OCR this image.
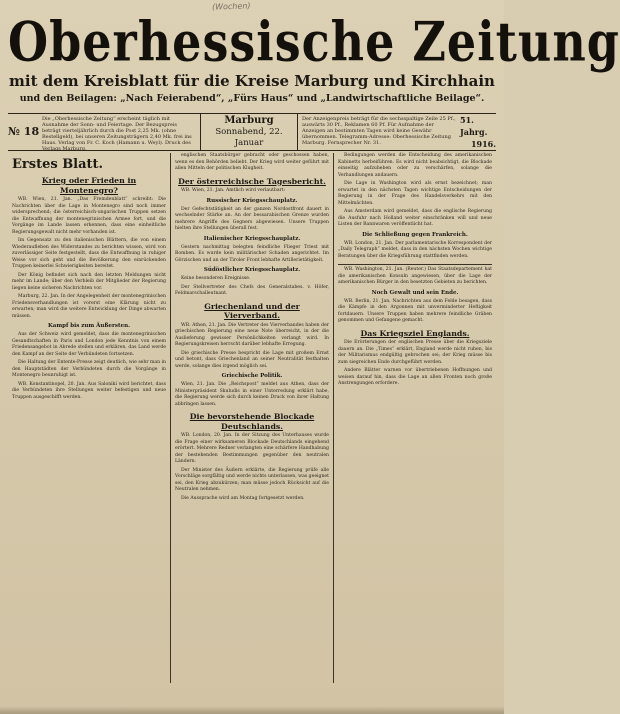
(Wochen)
Oberhessische Zeitung
mit dem Kreisblatt für die Kreise Marburg und Kirchhain
und den Beilagen: „Nach Feierabend“, „Fürs Haus“ und „Landwirtschaftliche Beilage“.
№ 18
Die „Oberhessische Zeitung“ erscheint täglich mit Ausnahme der Sonn- und Feiertage. Der Bezugspreis beträgt vierteljährlich durch die Post 2,25 Mk. (ohne Bestellgeld), bei unseren Zeitungsträgern 2,40 Mk. frei ins Haus. Verlag von Fr. C. Koch (Hamann u. Weyl). Druck des Verlags Marburg.
Marburg
Sonnabend, 22. Januar
Der Anzeigenpreis beträgt für die sechsspaltige Zeile 25 Pf., auswärts 30 Pf., Reklamen 60 Pf. Für Aufnahme der Anzeigen an bestimmten Tagen wird keine Gewähr übernommen. Telegramm-Adresse: Oberhessische Zeitung Marburg. Fernsprecher Nr. 31.
51. Jahrg.
1916.
Erstes Blatt.
Krieg oder Frieden in Montenegro?

WB. Wien, 21. Jan. „Das Fremdenblatt“ schreibt: Die Nachrichten über die Lage in Montenegro sind noch immer widersprechend; die österreichisch-ungarischen Truppen setzen die Entwaffnung der montenegrinischen Armee fort, und die Vorgänge im Lande lassen erkennen, dass eine einheitliche Regierungsgewalt nicht mehr vorhanden ist.

Im Gegensatz zu den italienischen Blättern, die von einem Wiederaufleben des Widerstandes zu berichten wissen, wird von zuverlässiger Seite festgestellt, dass die Entwaffnung in ruhiger Weise vor sich geht und die Bevölkerung den einrückenden Truppen keinerlei Schwierigkeiten bereitet.

Der König befindet sich nach den letzten Meldungen nicht mehr im Lande; über den Verbleib der Mitglieder der Regierung liegen keine sicheren Nachrichten vor.

Marburg, 22. Jan. In der Angelegenheit der montenegrinischen Friedensverhandlungen ist vorerst eine Klärung nicht zu erwarten; man wird die weitere Entwicklung der Dinge abwarten müssen.

Kampf bis zum Äußersten.

Aus der Schweiz wird gemeldet, dass die montenegrinischen Gesandtschaften in Paris und London jede Kenntnis von einem Friedensangebot in Abrede stellen und erklären, das Land werde den Kampf an der Seite der Verbündeten fortsetzen.

Die Haltung der Entente-Presse zeigt deutlich, wie sehr man in den Hauptstädten der Verbündeten durch die Vorgänge in Montenegro beunruhigt ist.

WB. Konstantinopel, 20. Jan. Aus Saloniki wird berichtet, dass die Verbündeten ihre Stellungen weiter befestigen und neue Truppen ausgeschifft werden.

englischen Staatsbürger gebracht oder geschossen haben, wenn es den Behörden beliebt. Der Krieg wird weiter geführt mit allen Mitteln der politischen Klugheit.

Der österreichische Tagesbericht.

WB. Wien, 21. Jan. Amtlich wird verlautbart:

Russischer Kriegsschauplatz.

Der Gefechtstätigkeit an der ganzen Nordostfront dauert in wechselnder Stärke an. An der bessarabischen Grenze wurden mehrere Angriffe des Gegners abgewiesen. Unsere Truppen hielten ihre Stellungen überall fest.

Italienischer Kriegsschauplatz.

Gestern nachmittag belegten feindliche Flieger Triest mit Bomben. Es wurde kein militärischer Schaden angerichtet. Im Görzischen und an der Tiroler Front lebhafte Artillerietätigkeit.

Südöstlicher Kriegsschauplatz.

Keine besonderen Ereignisse.

Der Stellvertreter des Chefs des Generalstabes. v. Höfer, Feldmarschalleutnant.

Griechenland und der Vierverband.

WB. Athen, 21. Jan. Die Vertreter des Vierverbandes haben der griechischen Regierung eine neue Note überreicht, in der die Auslieferung gewisser Persönlichkeiten verlangt wird. In Regierungskreisen herrscht darüber lebhafte Erregung.

Die griechische Presse bespricht die Lage mit großem Ernst und betont, dass Griechenland an seiner Neutralität festhalten werde, solange dies irgend möglich sei.

Griechische Politik.

Wien, 21. Jan. Die „Reichspost“ meldet aus Athen, dass der Ministerpräsident Skuludis in einer Unterredung erklärt habe, die Regierung werde sich durch keinen Druck von ihrer Haltung abbringen lassen.

Die bevorstehende Blockade Deutschlands.

WB. London, 20. Jan. In der Sitzung des Unterhauses wurde die Frage einer wirksameren Blockade Deutschlands eingehend erörtert. Mehrere Redner verlangten eine schärfere Handhabung der bestehenden Bestimmungen gegenüber den neutralen Ländern.

Der Minister des Äußern erklärte, die Regierung prüfe alle Vorschläge sorgfältig und werde nichts unterlassen, was geeignet sei, den Krieg abzukürzen; man müsse jedoch Rücksicht auf die Neutralen nehmen.

Die Aussprache wird am Montag fortgesetzt werden.

Bedingungen werden die Entscheidung des amerikanischen Kabinetts herbeiführen. Es wird nicht beabsichtigt, die Blockade einseitig aufzuheben oder zu verschärfen, solange die Verhandlungen andauern.

Die Lage in Washington wird als ernst bezeichnet; man erwartet in den nächsten Tagen wichtige Entscheidungen der Regierung in der Frage des Handelsverkehrs mit den Mittelmächten.

Aus Amsterdam wird gemeldet, dass die englische Regierung die Ausfuhr nach Holland weiter einschränken will und neue Listen der Bannwaren veröffentlicht hat.

Die Schließung gegen Frankreich.

WB. London, 21. Jan. Der parlamentarische Korrespondent der „Daily Telegraph“ meldet, dass in den nächsten Wochen wichtige Beratungen über die Kriegsführung stattfinden werden.

WB. Washington, 21. Jan. (Reuter.) Das Staatsdepartement hat die amerikanischen Konsuln angewiesen, über die Lage der amerikanischen Bürger in den besetzten Gebieten zu berichten.

Noch Gewalt und sein Ende.

WB. Berlin, 21. Jan. Nachrichten aus dem Felde besagen, dass die Kämpfe in den Argonnen mit unverminderter Heftigkeit fortdauern. Unsere Truppen haben mehrere feindliche Gräben genommen und Gefangene gemacht.

Das Kriegsziel Englands.

Die Erörterungen der englischen Presse über die Kriegsziele dauern an. Die „Times“ erklärt, England werde nicht ruhen, bis der Militarismus endgültig gebrochen sei; der Krieg müsse bis zum siegreichen Ende durchgeführt werden.

Andere Blätter warnen vor übertriebenen Hoffnungen und weisen darauf hin, dass die Lage an allen Fronten noch große Anstrengungen erfordere.
